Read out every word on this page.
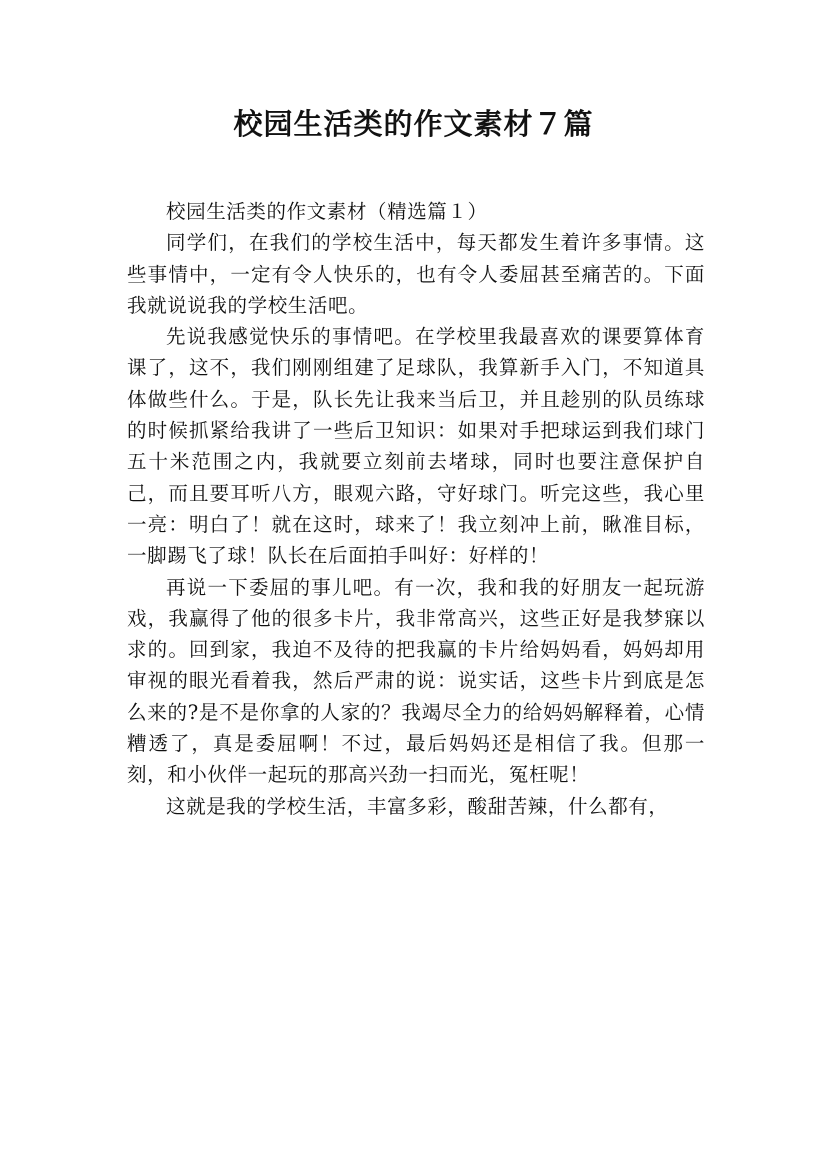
校园生活类的作文素材７篇

校园生活类的作文素材（精选篇１）

同学们，在我们的学校生活中，每天都发生着许多事情。这些事情中，一定有令人快乐的，也有令人委屈甚至痛苦的。下面我就说说我的学校生活吧。

先说我感觉快乐的事情吧。在学校里我最喜欢的课要算体育课了，这不，我们刚刚组建了足球队，我算新手入门，不知道具体做些什么。于是，队长先让我来当后卫，并且趁别的队员练球的时候抓紧给我讲了一些后卫知识：如果对手把球运到我们球门五十米范围之内，我就要立刻前去堵球，同时也要注意保护自己，而且要耳听八方，眼观六路，守好球门。听完这些，我心里一亮：明白了！就在这时，球来了！我立刻冲上前，瞅准目标，一脚踢飞了球！队长在后面拍手叫好：好样的！

再说一下委屈的事儿吧。有一次，我和我的好朋友一起玩游戏，我赢得了他的很多卡片，我非常高兴，这些正好是我梦寐以求的。回到家，我迫不及待的把我赢的卡片给妈妈看，妈妈却用审视的眼光看着我，然后严肃的说：说实话，这些卡片到底是怎么来的?是不是你拿的人家的？我竭尽全力的给妈妈解释着，心情糟透了，真是委屈啊！不过，最后妈妈还是相信了我。但那一刻，和小伙伴一起玩的那高兴劲一扫而光，冤枉呢！

这就是我的学校生活，丰富多彩，酸甜苦辣，什么都有，
